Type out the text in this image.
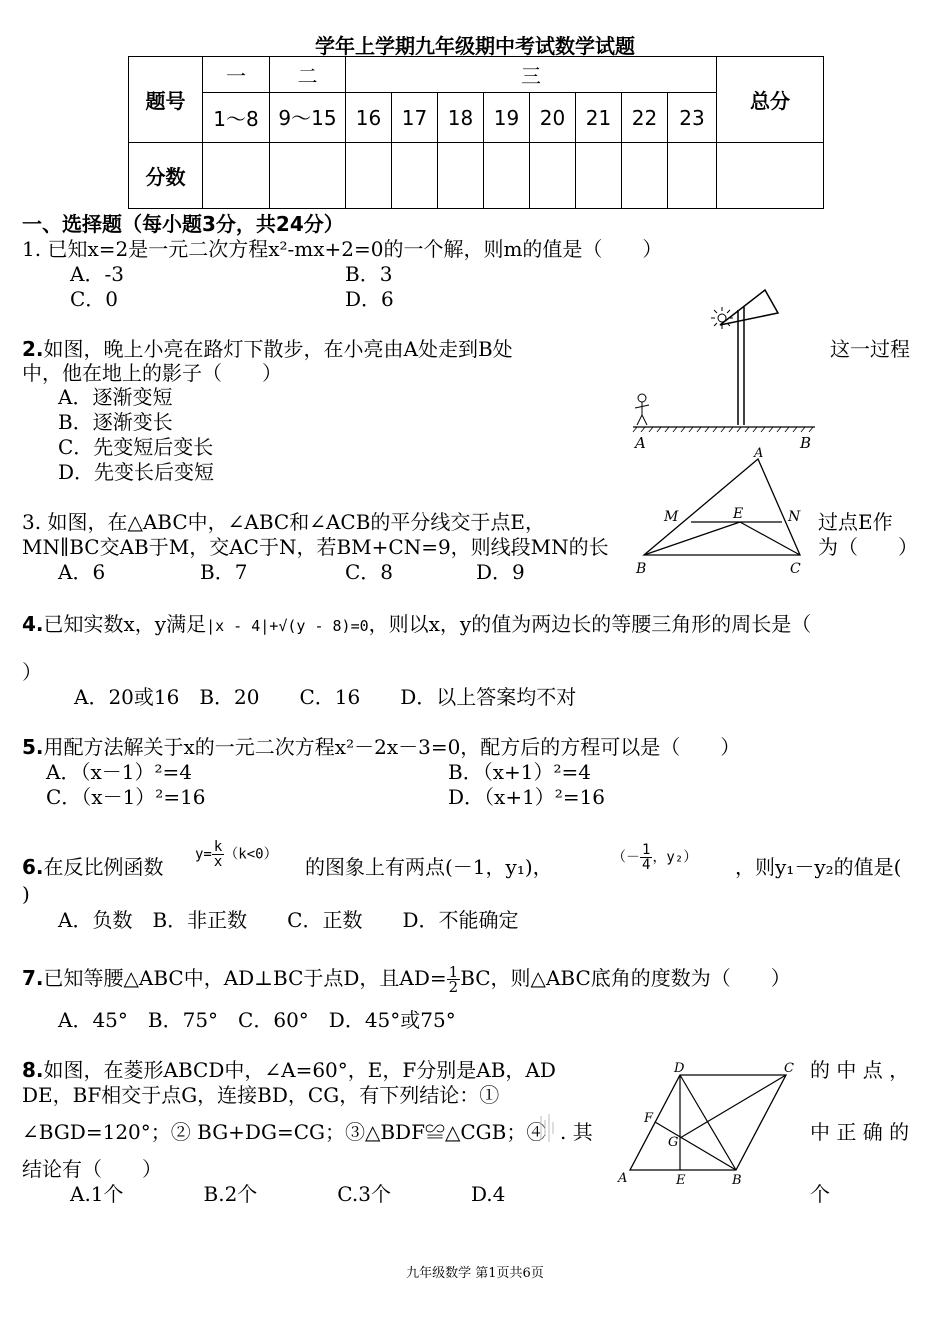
学年上学期九年级期中考试数学试题
题号	一	二	三								总分
	1～8	9～15	16	17	18	19	20	21	22	23	
分数											
一、选择题（每小题3分，共24分）
1. 已知x=2是一元二次方程x²-mx+2=0的一个解，则m的值是（　　）
A．-3	B．3
C．0	D．6
2.如图，晚上小亮在路灯下散步，在小亮由A处走到B处	这一过程
中，他在地上的影子（　　）
A．逐渐变短
B．逐渐变长
C．先变短后变长
D．先变长后变短
A	B
3. 如图，在△ABC中，∠ABC和∠ACB的平分线交于点E，	过点E作
MN∥BC交AB于M，交AC于N，若BM+CN=9，则线段MN的长	为（　　）
A．6	B．7	C．8	D．9
A
M	E	N
B	C
4.已知实数x，y满足|x - 4|+√(y - 8)=0，则以x，y的值为两边长的等腰三角形的周长是（
）
A．20或16　B．20　　C．16　　D．以上答案均不对
5.用配方法解关于x的一元二次方程x²－2x－3=0，配方后的方程可以是（　　）
A．（x－1）²=4	B．（x+1）²=4
C．（x－1）²=16	D．（x+1）²=16
6.在反比例函数
$y= \frac{k}{x} (k<0)$
的图象上有两点(－1，y₁)，	（－ $\frac{1}{4}$ ，y₂） ，则y₁－y₂的值是(
)
A．负数　B．非正数　　C．正数　　D．不能确定
7.已知等腰△ABC中，AD⊥BC于点D，且$AD= \frac{1}{2}$ BC，则△ABC底角的度数为（　　）
A．45°　B．75°　C．60°　D．45°或75°
8.如图，在菱形ABCD中，∠A=60°，E，F分别是AB，AD	的 中 点 ，
DE，BF相交于点G，连接BD，CG，有下列结论：①
∠BGD=120°；② BG+DG=CG；③△BDF≌△CGB；④ . 其	中 正 确 的
结论有（　　）
A.1个　　　　B.2个　　　　C.3个　　　　D.4	个
D	C
F
G
A	E	B
九年级数学 第1页共6页
